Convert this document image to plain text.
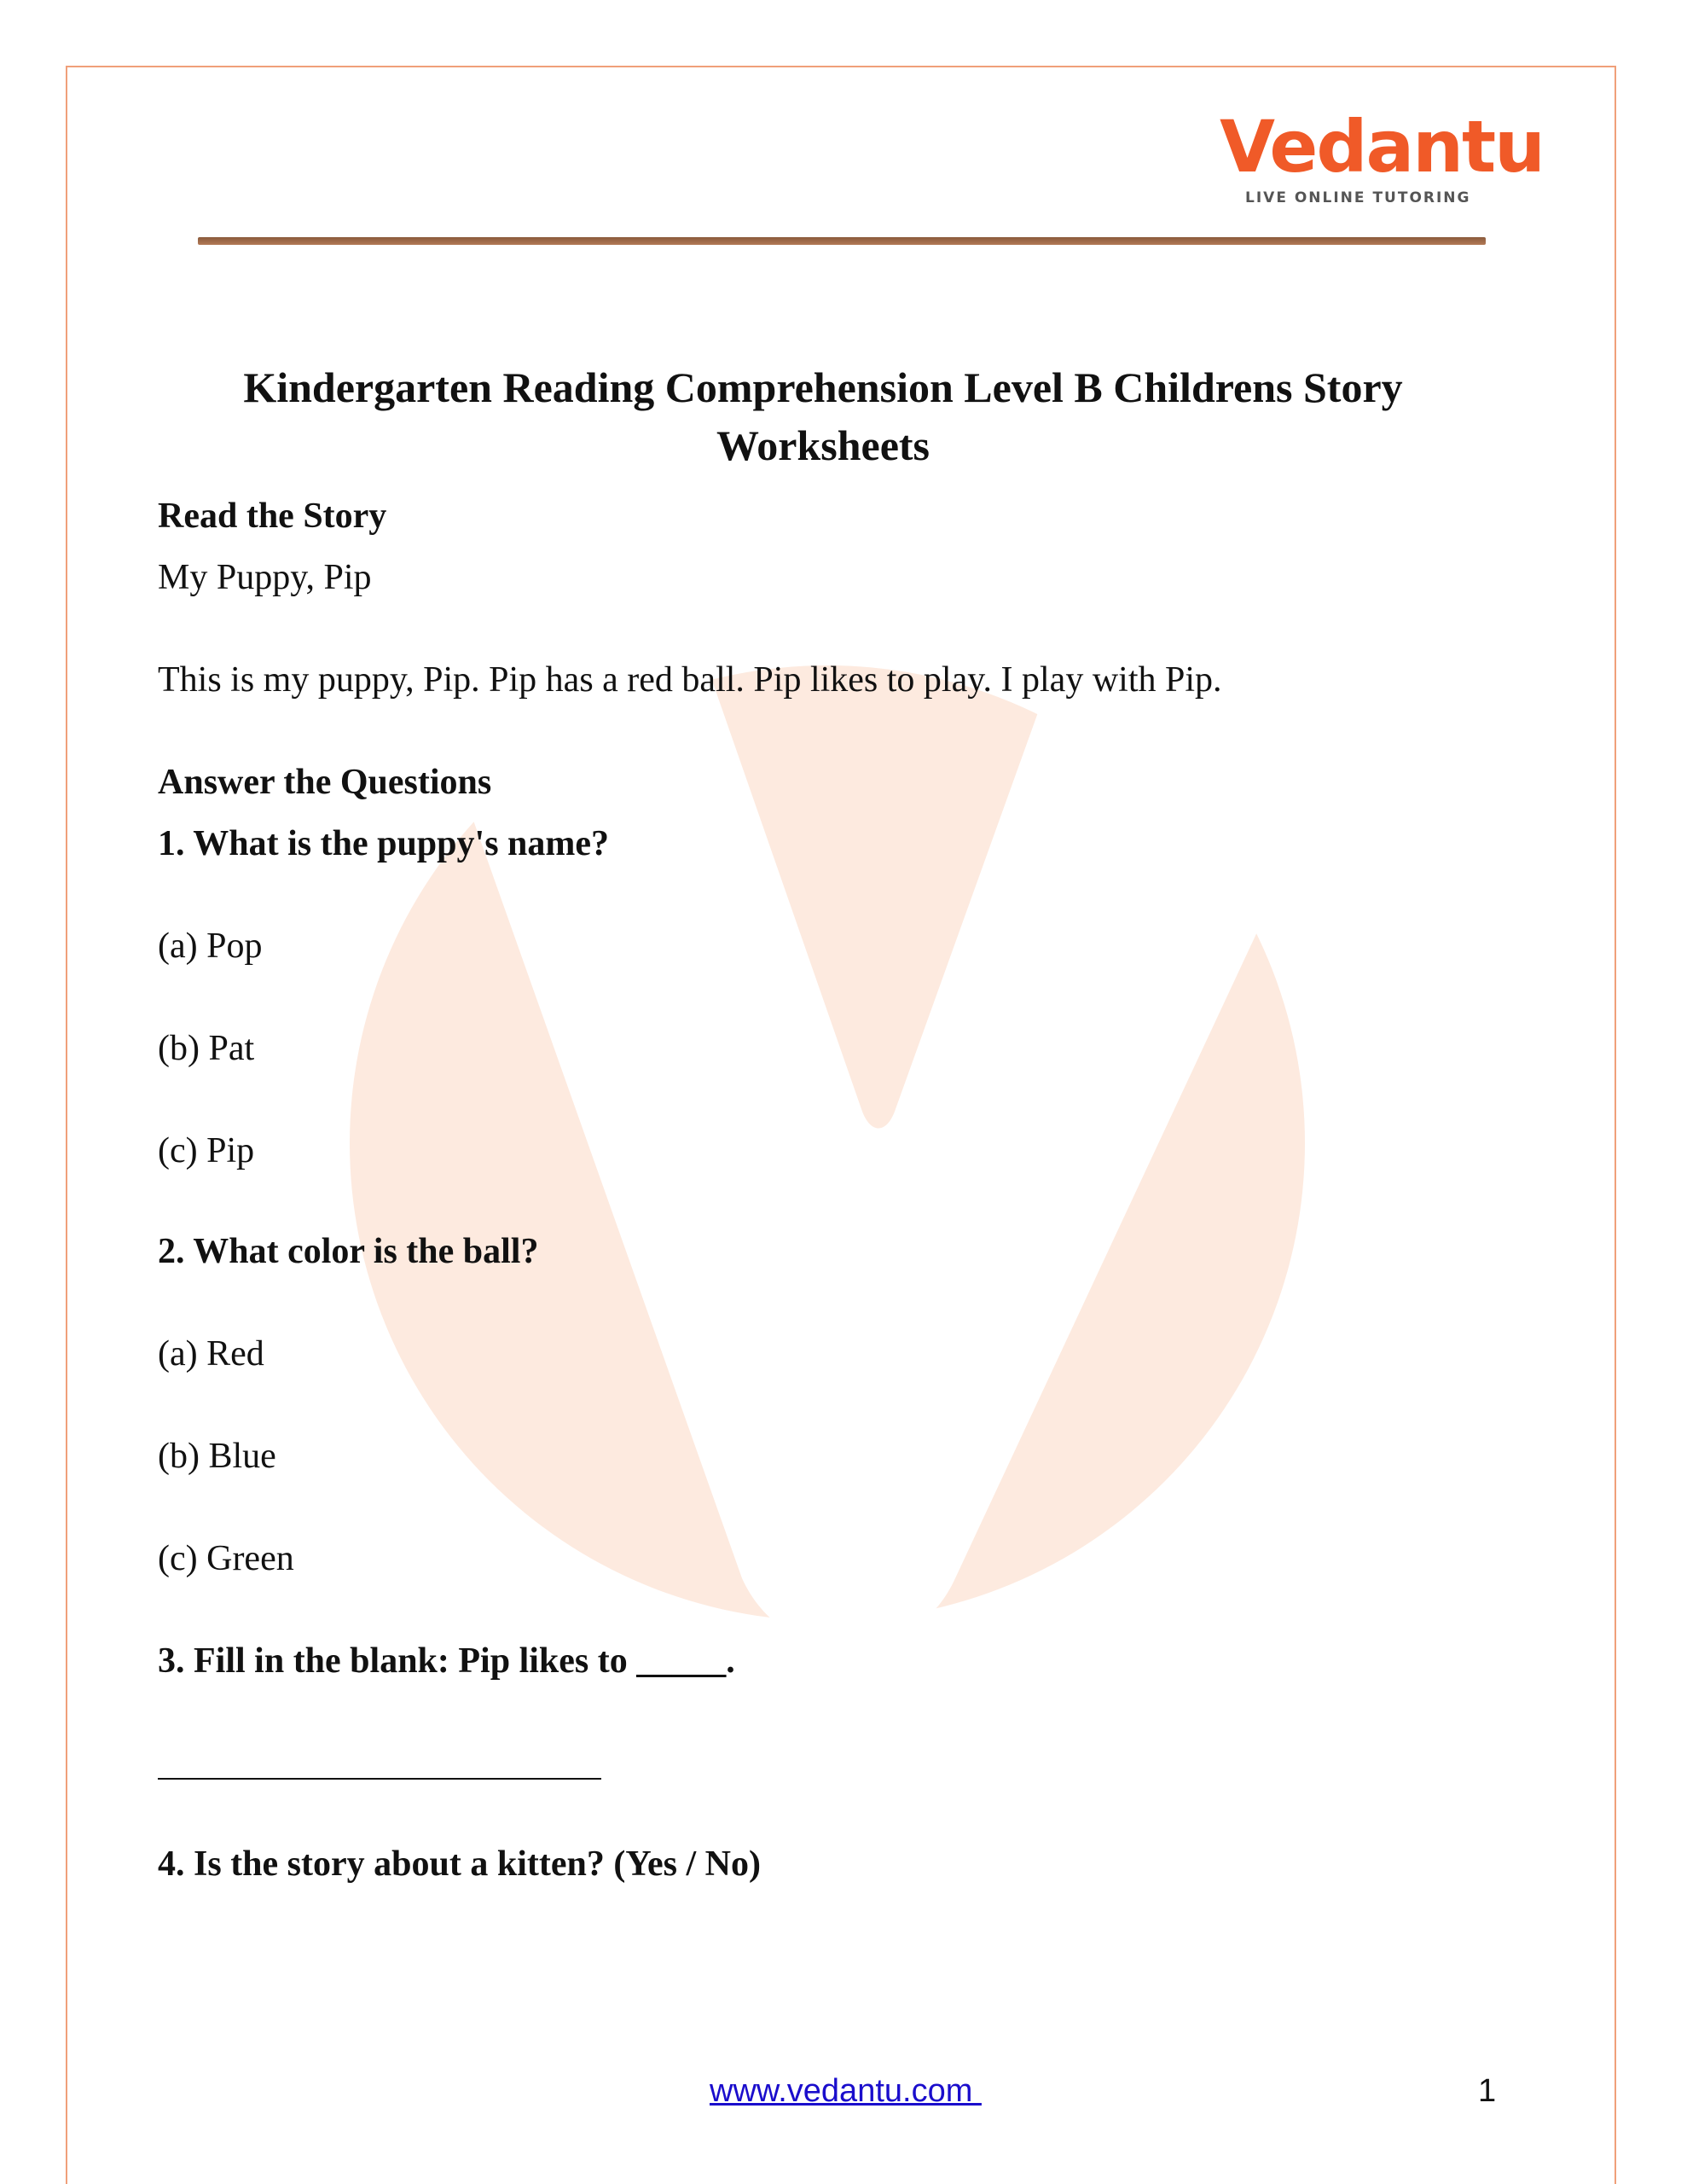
Vedantu
LIVE ONLINE TUTORING
Kindergarten Reading Comprehension Level B Childrens Story Worksheets
Read the Story
My Puppy, Pip
This is my puppy, Pip. Pip has a red ball. Pip likes to play. I play with Pip.
Answer the Questions
1. What is the puppy's name?
(a) Pop
(b) Pat
(c) Pip
2. What color is the ball?
(a) Red
(b) Blue
(c) Green
3. Fill in the blank: Pip likes to _____.
4. Is the story about a kitten? (Yes / No)
www.vedantu.com	1
